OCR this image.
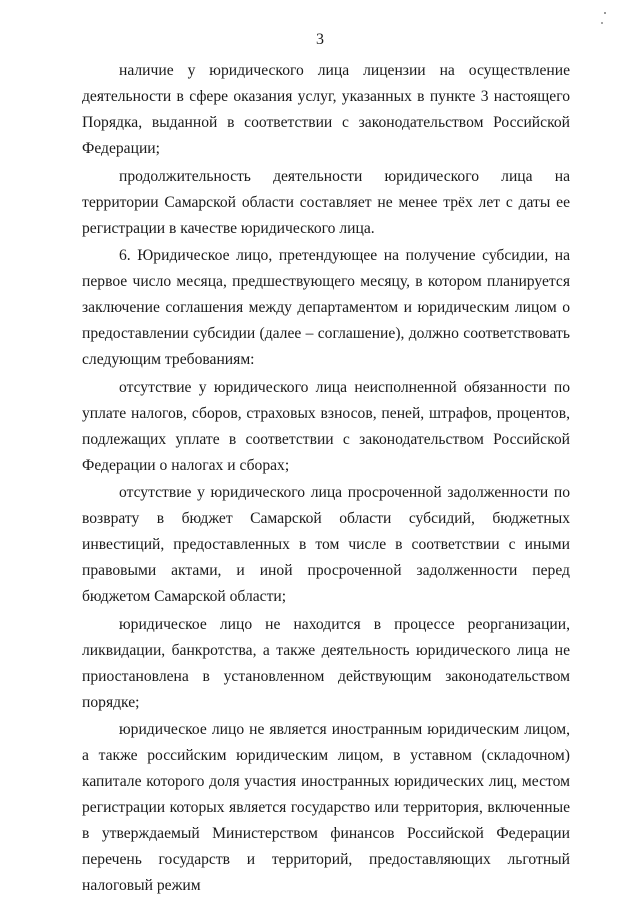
3

наличие у юридического лица лицензии на осуществление деятельности в сфере оказания услуг, указанных в пункте 3 настоящего Порядка, выданной в соответствии с законодательством Российской Федерации;

продолжительность деятельности юридического лица на территории Самарской области составляет не менее трёх лет с даты ее регистрации в качестве юридического лица.

6. Юридическое лицо, претендующее на получение субсидии, на первое число месяца, предшествующего месяцу, в котором планируется заключение соглашения между департаментом и юридическим лицом о предоставлении субсидии (далее – соглашение), должно соответствовать следующим требованиям:

отсутствие у юридического лица неисполненной обязанности по уплате налогов, сборов, страховых взносов, пеней, штрафов, процентов, подлежащих уплате в соответствии с законодательством Российской Федерации о налогах и сборах;

отсутствие у юридического лица просроченной задолженности по возврату в бюджет Самарской области субсидий, бюджетных инвестиций, предоставленных в том числе в соответствии с иными правовыми актами, и иной просроченной задолженности перед бюджетом Самарской области;

юридическое лицо не находится в процессе реорганизации, ликвидации, банкротства, а также деятельность юридического лица не приостановлена в установленном действующим законодательством порядке;

юридическое лицо не является иностранным юридическим лицом, а также российским юридическим лицом, в уставном (складочном) капитале которого доля участия иностранных юридических лиц, местом регистрации которых является государство или территория, включенные в утверждаемый Министерством финансов Российской Федерации перечень государств и территорий, предоставляющих льготный налоговый режим
